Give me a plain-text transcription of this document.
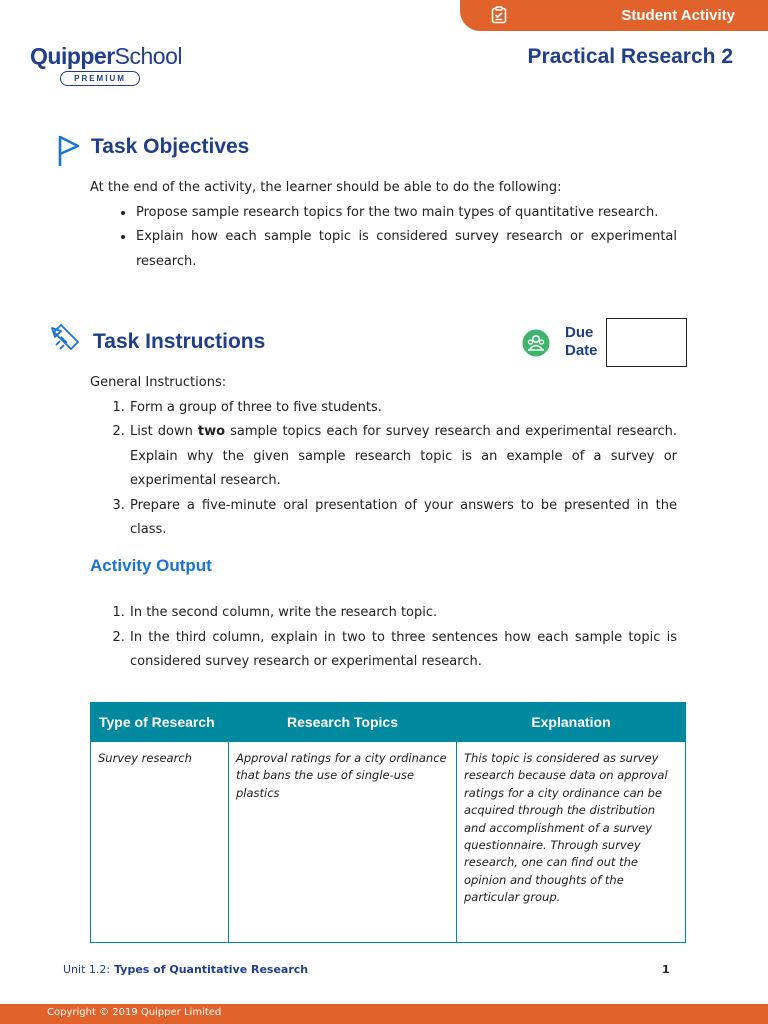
Student Activity
QuipperSchool
PREMIUM
Practical Research 2
Task Objectives
At the end of the activity, the learner should be able to do the following:
• Propose sample research topics for the two main types of quantitative research.
• Explain how each sample topic is considered survey research or experimental research.
Task Instructions	Due
Date
General Instructions:
1. Form a group of three to five students.
2. List down two sample topics each for survey research and experimental research. Explain why the given sample research topic is an example of a survey or experimental research.
3. Prepare a five-minute oral presentation of your answers to be presented in the class.
Activity Output
1. In the second column, write the research topic.
2. In the third column, explain in two to three sentences how each sample topic is considered survey research or experimental research.
Type of Research	Research Topics	Explanation
Survey research	Approval ratings for a city ordinance that bans the use of single-use plastics	This topic is considered as survey research because data on approval ratings for a city ordinance can be acquired through the distribution and accomplishment of a survey questionnaire. Through survey research, one can find out the opinion and thoughts of the particular group.
Unit 1.2: Types of Quantitative Research	1
Copyright © 2019 Quipper Limited
